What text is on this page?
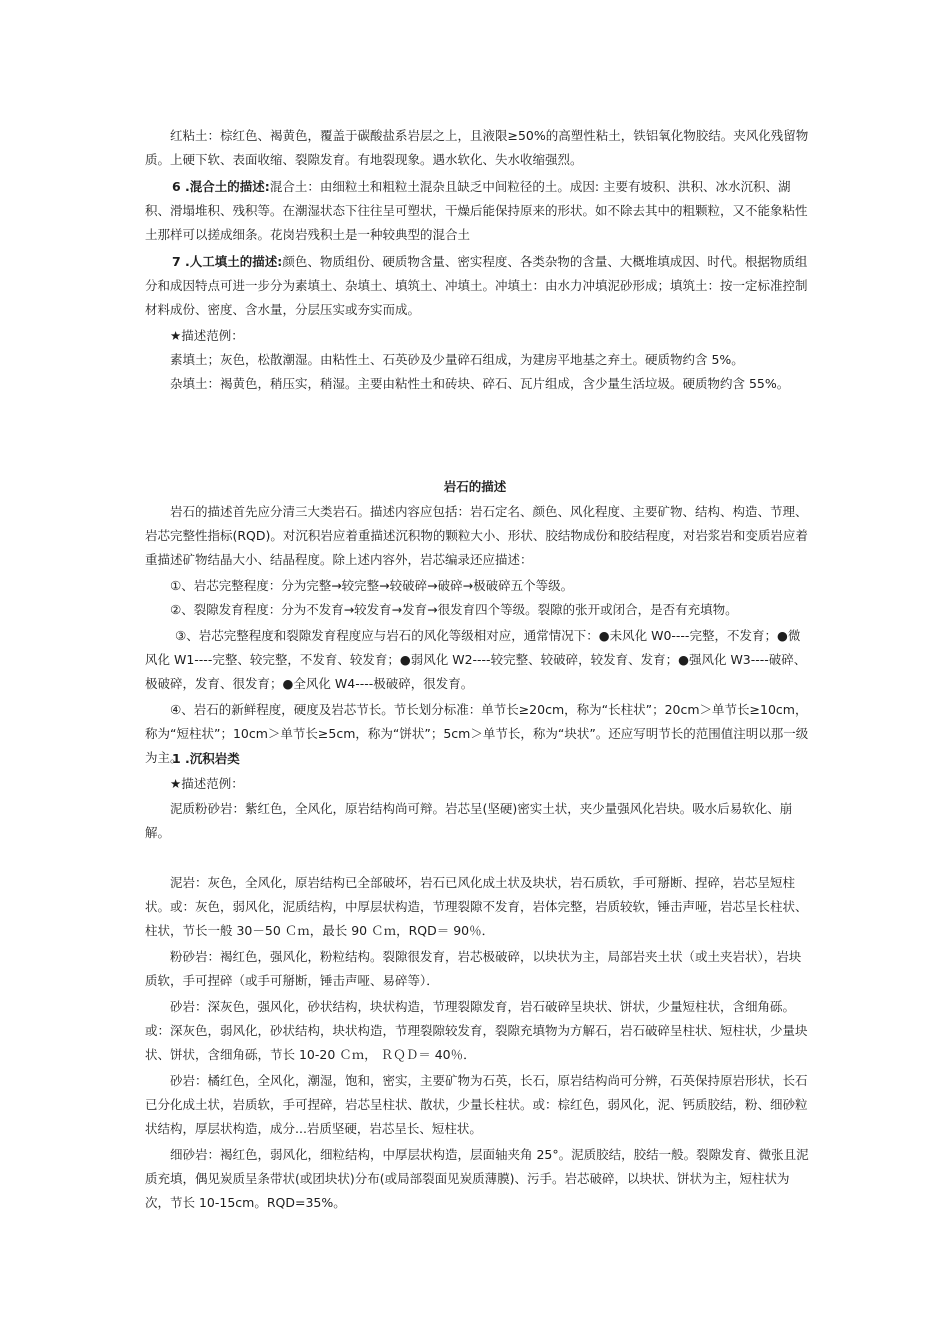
红粘土：棕红色、褐黄色，覆盖于碳酸盐系岩层之上，且液限≥50%的高塑性粘土，铁铝氧化物胶结。夹风化残留物质。上硬下软、表面收缩、裂隙发育。有地裂现象。遇水软化、失水收缩强烈。
6 .混合土的描述:混合土：由细粒土和粗粒土混杂且缺乏中间粒径的土。成因: 主要有坡积、洪积、冰水沉积、湖积、滑塌堆积、残积等。在潮湿状态下往往呈可塑状，干燥后能保持原来的形状。如不除去其中的粗颗粒，又不能象粘性土那样可以搓成细条。花岗岩残积土是一种较典型的混合土
7 .人工填土的描述:颜色、物质组份、硬质物含量、密实程度、各类杂物的含量、大概堆填成因、时代。根据物质组分和成因特点可进一步分为素填土、杂填土、填筑土、冲填土。冲填土：由水力冲填泥砂形成；填筑土：按一定标准控制材料成份、密度、含水量，分层压实或夯实而成。
★描述范例：
素填土；灰色，松散潮湿。由粘性土、石英砂及少量碎石组成，为建房平地基之弃土。硬质物约含 5%。
杂填土：褐黄色，稍压实，稍湿。主要由粘性土和砖块、碎石、瓦片组成，含少量生活垃圾。硬质物约含 55%。
岩石的描述
岩石的描述首先应分清三大类岩石。描述内容应包括：岩石定名、颜色、风化程度、主要矿物、结构、构造、节理、岩芯完整性指标(RQD)。对沉积岩应着重描述沉积物的颗粒大小、形状、胶结物成份和胶结程度，对岩浆岩和变质岩应着重描述矿物结晶大小、结晶程度。除上述内容外，岩芯编录还应描述：
①、岩芯完整程度：分为完整→较完整→较破碎→破碎→极破碎五个等级。
②、裂隙发育程度：分为不发育→较发育→发育→很发育四个等级。裂隙的张开或闭合，是否有充填物。
③、岩芯完整程度和裂隙发育程度应与岩石的风化等级相对应，通常情况下：●未风化 W0----完整，不发育；●微风化 W1----完整、较完整，不发育、较发育；●弱风化 W2----较完整、较破碎，较发育、发育；●强风化 W3----破碎、极破碎，发育、很发育；●全风化 W4----极破碎，很发育。
④、岩石的新鲜程度，硬度及岩芯节长。节长划分标准：单节长≥20cm，称为“长柱状”；20cm＞单节长≥10cm，称为“短柱状”；10cm＞单节长≥5cm，称为“饼状”；5cm＞单节长，称为“块状”。还应写明节长的范围值注明以那一级为主。
1 .沉积岩类
★描述范例：
泥质粉砂岩：紫红色，全风化，原岩结构尚可辩。岩芯呈(坚硬)密实土状，夹少量强风化岩块。吸水后易软化、崩解。
泥岩：灰色，全风化，原岩结构已全部破坏，岩石已风化成土状及块状，岩石质软，手可掰断、捏碎，岩芯呈短柱状。或：灰色，弱风化，泥质结构，中厚层状构造，节理裂隙不发育，岩体完整，岩质较软，锤击声哑，岩芯呈长柱状、柱状，节长一般 30－50 Ｃｍ，最长 90 Ｃｍ，RQD＝ 90％．
粉砂岩：褐红色，强风化，粉粒结构。裂隙很发育，岩芯极破碎，以块状为主，局部岩夹土状（或土夹岩状），岩块质软，手可捏碎（或手可掰断，锤击声哑、易碎等）．
砂岩：深灰色，强风化，砂状结构，块状构造，节理裂隙发育，岩石破碎呈块状、饼状，少量短柱状，含细角砾。或：深灰色，弱风化，砂状结构，块状构造，节理裂隙较发育，裂隙充填物为方解石，岩石破碎呈柱状、短柱状，少量块状、饼状，含细角砾，节长 10-20 Ｃｍ， ＲＱＤ＝ 40％．
砂岩：橘红色，全风化，潮湿，饱和，密实，主要矿物为石英，长石，原岩结构尚可分辨，石英保持原岩形状，长石已分化成土状，岩质软，手可捏碎，岩芯呈柱状、散状，少量长柱状。或：棕红色，弱风化，泥、钙质胶结，粉、细砂粒状结构，厚层状构造，成分...岩质坚硬，岩芯呈长、短柱状。
细砂岩：褐红色，弱风化，细粒结构，中厚层状构造，层面轴夹角 25°。泥质胶结，胶结一般。裂隙发育、微张且泥质充填，偶见炭质呈条带状(或团块状)分布(或局部裂面见炭质薄膜)、污手。岩芯破碎，以块状、饼状为主，短柱状为次，节长 10-15cm。RQD=35%。
